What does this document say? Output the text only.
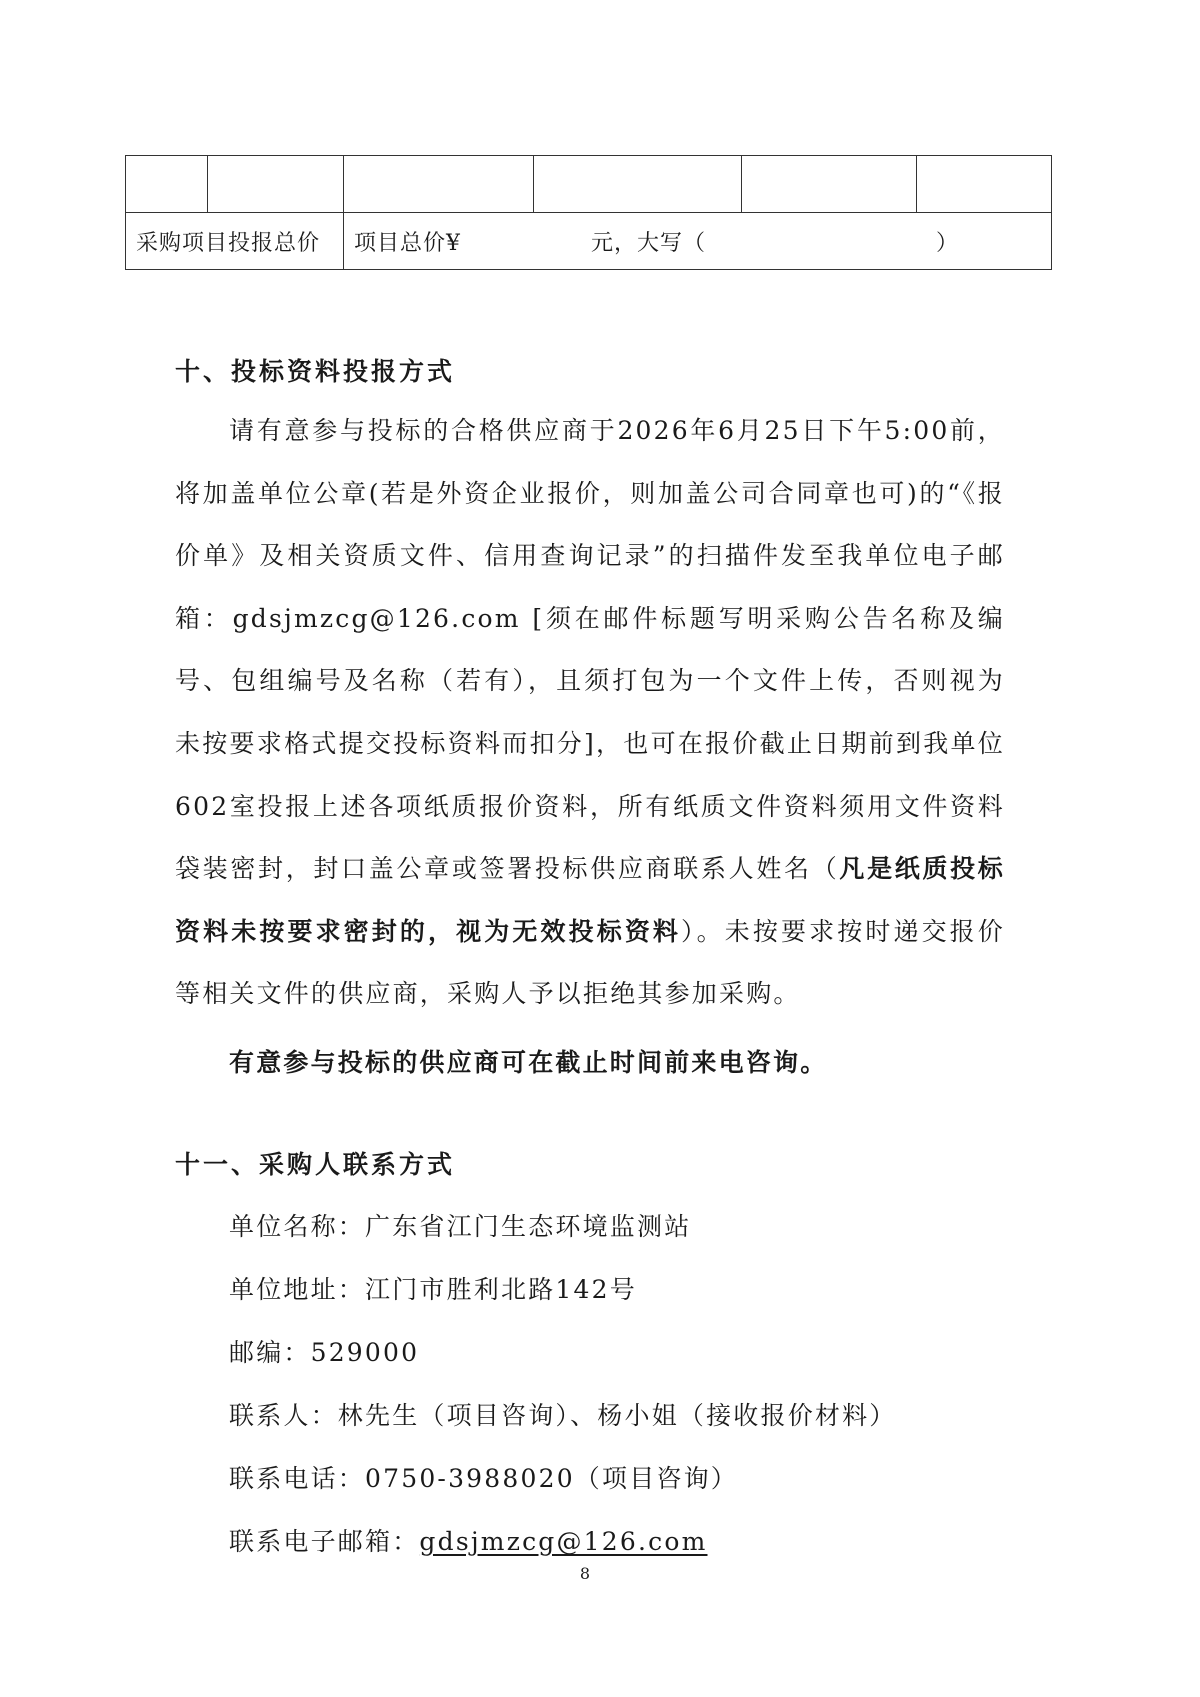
采购项目投报总价		项目总价¥ 元，大写（ ）			
十、投标资料投报方式
请有意参与投标的合格供应商于2026年6月25日下午5:00前，将加盖单位公章(若是外资企业报价，则加盖公司合同章也可)的“《报价单》及相关资质文件、信用查询记录”的扫描件发至我单位电子邮箱：gdsjmzcg@126.com [须在邮件标题写明采购公告名称及编号、包组编号及名称（若有），且须打包为一个文件上传，否则视为未按要求格式提交投标资料而扣分]，也可在报价截止日期前到我单位602室投报上述各项纸质报价资料，所有纸质文件资料须用文件资料袋装密封，封口盖公章或签署投标供应商联系人姓名（凡是纸质投标资料未按要求密封的，视为无效投标资料）。未按要求按时递交报价等相关文件的供应商，采购人予以拒绝其参加采购。
有意参与投标的供应商可在截止时间前来电咨询。
十一、采购人联系方式
单位名称：广东省江门生态环境监测站
单位地址：江门市胜利北路142号
邮编：529000
联系人：林先生（项目咨询）、杨小姐（接收报价材料）
联系电话：0750-3988020（项目咨询）
联系电子邮箱：gdsjmzcg@126.com
8
